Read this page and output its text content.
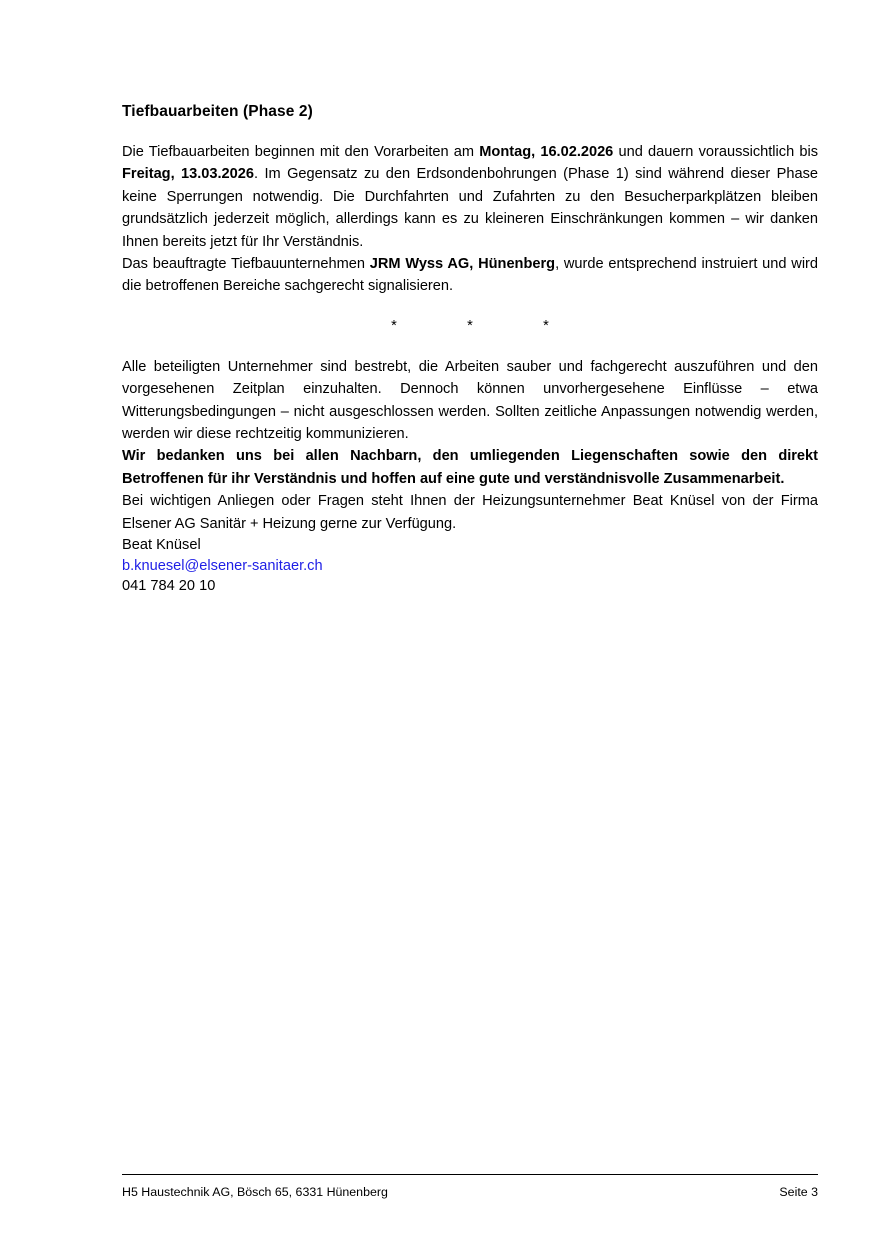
Tiefbauarbeiten (Phase 2)

Die Tiefbauarbeiten beginnen mit den Vorarbeiten am Montag, 16.02.2026 und dauern voraussichtlich bis Freitag, 13.03.2026. Im Gegensatz zu den Erdsondenbohrungen (Phase 1) sind während dieser Phase keine Sperrungen notwendig. Die Durchfahrten und Zufahrten zu den Besucherparkplätzen bleiben grundsätzlich jederzeit möglich, allerdings kann es zu kleineren Einschränkungen kommen – wir danken Ihnen bereits jetzt für Ihr Verständnis.

Das beauftragte Tiefbauunternehmen JRM Wyss AG, Hünenberg, wurde entsprechend instruiert und wird die betroffenen Bereiche sachgerecht signalisieren.

*	*	*

Alle beteiligten Unternehmer sind bestrebt, die Arbeiten sauber und fachgerecht auszuführen und den vorgesehenen Zeitplan einzuhalten. Dennoch können unvorhergesehene Einflüsse – etwa Witterungsbedingungen – nicht ausgeschlossen werden. Sollten zeitliche Anpassungen notwendig werden, werden wir diese rechtzeitig kommunizieren.

Wir bedanken uns bei allen Nachbarn, den umliegenden Liegenschaften sowie den direkt Betroffenen für ihr Verständnis und hoffen auf eine gute und verständnisvolle Zusammenarbeit.

Bei wichtigen Anliegen oder Fragen steht Ihnen der Heizungsunternehmer Beat Knüsel von der Firma Elsener AG Sanitär + Heizung gerne zur Verfügung.

Beat Knüsel
b.knuesel@elsener-sanitaer.ch
041 784 20 10
H5 Haustechnik AG, Bösch 65, 6331 Hünenberg	Seite 3
